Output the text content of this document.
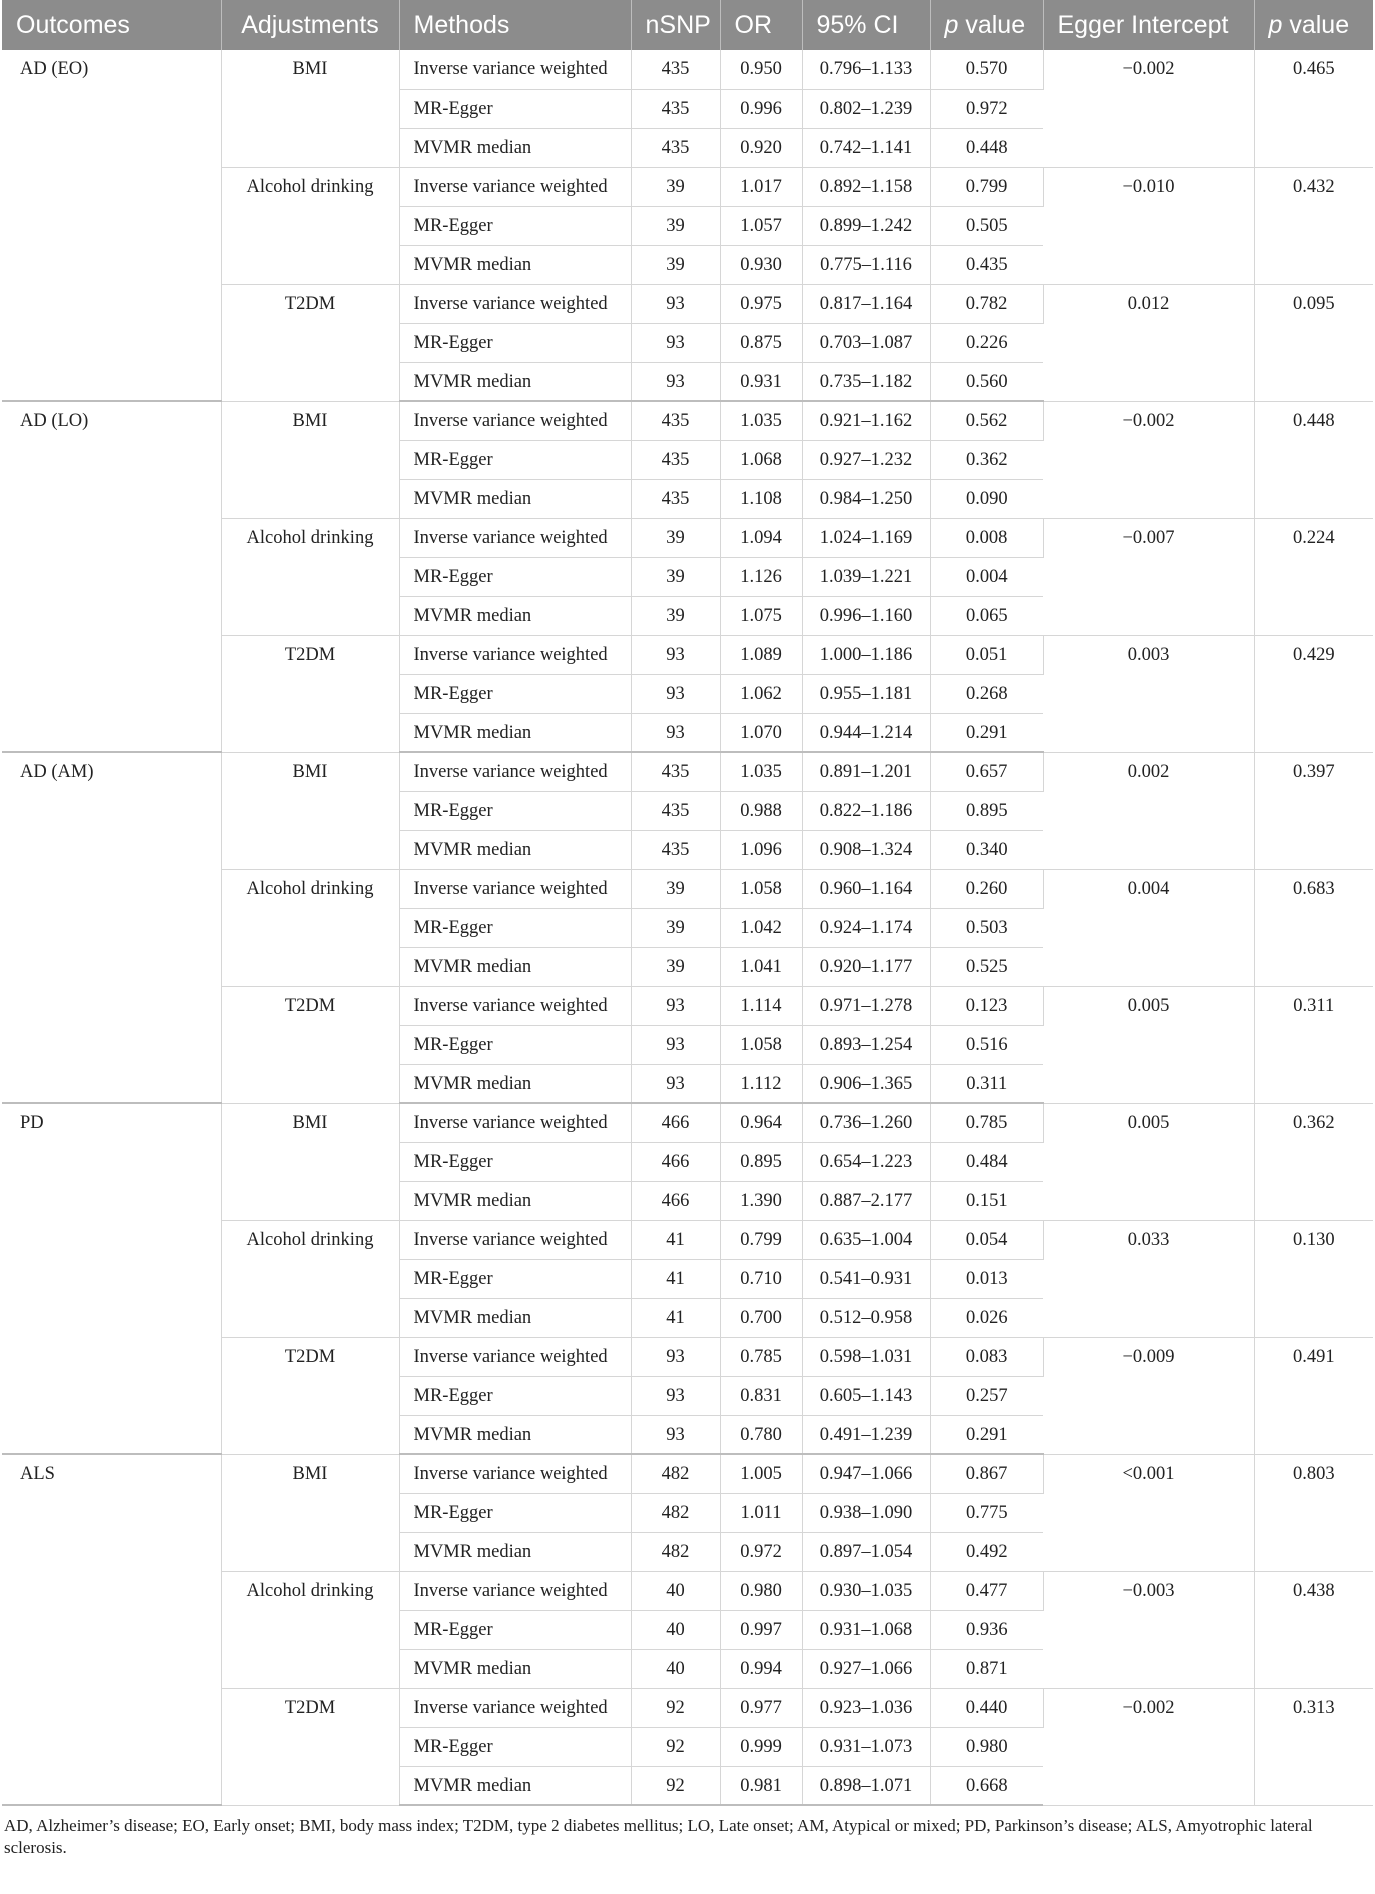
Outcomes	Adjustments	Methods	nSNP	OR	95% CI	p value	Egger Intercept	p value
AD (EO)	BMI	Inverse variance weighted	435	0.950	0.796–1.133	0.570	−0.002	0.465
		MR-Egger	435	0.996	0.802–1.239	0.972		
		MVMR median	435	0.920	0.742–1.141	0.448		
	Alcohol drinking	Inverse variance weighted	39	1.017	0.892–1.158	0.799	−0.010	0.432
		MR-Egger	39	1.057	0.899–1.242	0.505		
		MVMR median	39	0.930	0.775–1.116	0.435		
	T2DM	Inverse variance weighted	93	0.975	0.817–1.164	0.782	0.012	0.095
		MR-Egger	93	0.875	0.703–1.087	0.226		
		MVMR median	93	0.931	0.735–1.182	0.560		
AD (LO)	BMI	Inverse variance weighted	435	1.035	0.921–1.162	0.562	−0.002	0.448
		MR-Egger	435	1.068	0.927–1.232	0.362		
		MVMR median	435	1.108	0.984–1.250	0.090		
	Alcohol drinking	Inverse variance weighted	39	1.094	1.024–1.169	0.008	−0.007	0.224
		MR-Egger	39	1.126	1.039–1.221	0.004		
		MVMR median	39	1.075	0.996–1.160	0.065		
	T2DM	Inverse variance weighted	93	1.089	1.000–1.186	0.051	0.003	0.429
		MR-Egger	93	1.062	0.955–1.181	0.268		
		MVMR median	93	1.070	0.944–1.214	0.291		
AD (AM)	BMI	Inverse variance weighted	435	1.035	0.891–1.201	0.657	0.002	0.397
		MR-Egger	435	0.988	0.822–1.186	0.895		
		MVMR median	435	1.096	0.908–1.324	0.340		
	Alcohol drinking	Inverse variance weighted	39	1.058	0.960–1.164	0.260	0.004	0.683
		MR-Egger	39	1.042	0.924–1.174	0.503		
		MVMR median	39	1.041	0.920–1.177	0.525		
	T2DM	Inverse variance weighted	93	1.114	0.971–1.278	0.123	0.005	0.311
		MR-Egger	93	1.058	0.893–1.254	0.516		
		MVMR median	93	1.112	0.906–1.365	0.311		
PD	BMI	Inverse variance weighted	466	0.964	0.736–1.260	0.785	0.005	0.362
		MR-Egger	466	0.895	0.654–1.223	0.484		
		MVMR median	466	1.390	0.887–2.177	0.151		
	Alcohol drinking	Inverse variance weighted	41	0.799	0.635–1.004	0.054	0.033	0.130
		MR-Egger	41	0.710	0.541–0.931	0.013		
		MVMR median	41	0.700	0.512–0.958	0.026		
	T2DM	Inverse variance weighted	93	0.785	0.598–1.031	0.083	−0.009	0.491
		MR-Egger	93	0.831	0.605–1.143	0.257		
		MVMR median	93	0.780	0.491–1.239	0.291		
ALS	BMI	Inverse variance weighted	482	1.005	0.947–1.066	0.867	<0.001	0.803
		MR-Egger	482	1.011	0.938–1.090	0.775		
		MVMR median	482	0.972	0.897–1.054	0.492		
	Alcohol drinking	Inverse variance weighted	40	0.980	0.930–1.035	0.477	−0.003	0.438
		MR-Egger	40	0.997	0.931–1.068	0.936		
		MVMR median	40	0.994	0.927–1.066	0.871		
	T2DM	Inverse variance weighted	92	0.977	0.923–1.036	0.440	−0.002	0.313
		MR-Egger	92	0.999	0.931–1.073	0.980		
		MVMR median	92	0.981	0.898–1.071	0.668		
AD, Alzheimer’s disease; EO, Early onset; BMI, body mass index; T2DM, type 2 diabetes mellitus; LO, Late onset; AM, Atypical or mixed; PD, Parkinson’s disease; ALS, Amyotrophic lateral sclerosis.
